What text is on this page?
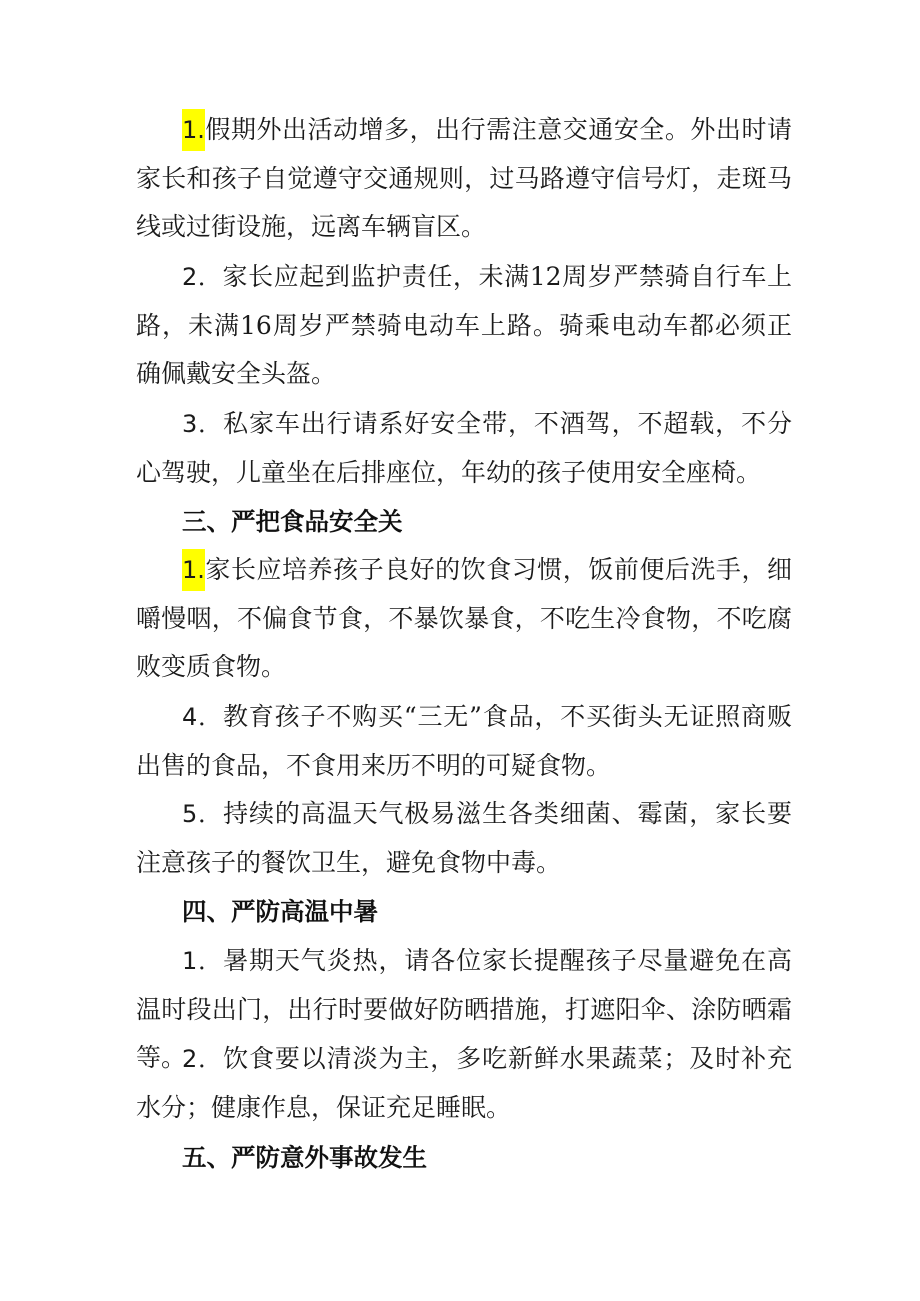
1.假期外出活动增多，出行需注意交通安全。外出时请家长和孩子自觉遵守交通规则，过马路遵守信号灯，走斑马线或过街设施，远离车辆盲区。

2．家长应起到监护责任，未满12周岁严禁骑自行车上路，未满16周岁严禁骑电动车上路。骑乘电动车都必须正确佩戴安全头盔。

3．私家车出行请系好安全带，不酒驾，不超载，不分心驾驶，儿童坐在后排座位，年幼的孩子使用安全座椅。

三、严把食品安全关

1.家长应培养孩子良好的饮食习惯，饭前便后洗手，细嚼慢咽，不偏食节食，不暴饮暴食，不吃生冷食物，不吃腐败变质食物。

4．教育孩子不购买“三无”食品，不买街头无证照商贩出售的食品，不食用来历不明的可疑食物。

5．持续的高温天气极易滋生各类细菌、霉菌，家长要注意孩子的餐饮卫生，避免食物中毒。

四、严防高温中暑

1．暑期天气炎热，请各位家长提醒孩子尽量避免在高温时段出门，出行时要做好防晒措施，打遮阳伞、涂防晒霜等。

2．饮食要以清淡为主，多吃新鲜水果蔬菜；及时补充水分；健康作息，保证充足睡眠。

五、严防意外事故发生
